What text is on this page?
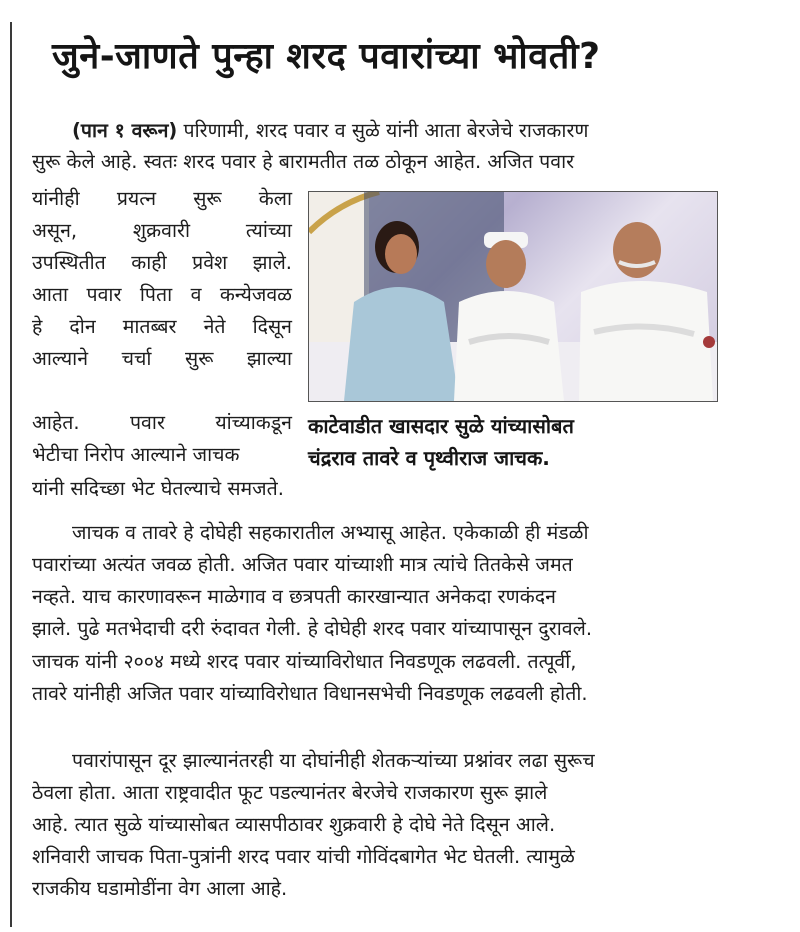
जुने-जाणते पुन्हा शरद पवारांच्या भोवती?
(पान १ वरून) परिणामी, शरद पवार व सुळे यांनी आता बेरजेचे राजकारण
सुरू केले आहे. स्वतः शरद पवार हे बारामतीत तळ ठोकून आहेत. अजित पवार
यांनीही प्रयत्न सुरू केला
असून, शुक्रवारी त्यांच्या
उपस्थितीत काही प्रवेश झाले.
आता पवार पिता व कन्येजवळ
हे दोन मातब्बर नेते दिसून
आल्याने चर्चा सुरू झाल्या
आहेत. पवार यांच्याकडून
भेटीचा निरोप आल्याने जाचक
काटेवाडीत खासदार सुळे यांच्यासोबत
चंद्रराव तावरे व पृथ्वीराज जाचक.
यांनी सदिच्छा भेट घेतल्याचे समजते.
जाचक व तावरे हे दोघेही सहकारातील अभ्यासू आहेत. एकेकाळी ही मंडळी
पवारांच्या अत्यंत जवळ होती. अजित पवार यांच्याशी मात्र त्यांचे तितकेसे जमत
नव्हते. याच कारणावरून माळेगाव व छत्रपती कारखान्यात अनेकदा रणकंदन
झाले. पुढे मतभेदाची दरी रुंदावत गेली. हे दोघेही शरद पवार यांच्यापासून दुरावले.
जाचक यांनी २००४ मध्ये शरद पवार यांच्याविरोधात निवडणूक लढवली. तत्पूर्वी,
तावरे यांनीही अजित पवार यांच्याविरोधात विधानसभेची निवडणूक लढवली होती.
पवारांपासून दूर झाल्यानंतरही या दोघांनीही शेतकऱ्यांच्या प्रश्नांवर लढा सुरूच
ठेवला होता. आता राष्ट्रवादीत फूट पडल्यानंतर बेरजेचे राजकारण सुरू झाले
आहे. त्यात सुळे यांच्यासोबत व्यासपीठावर शुक्रवारी हे दोघे नेते दिसून आले.
शनिवारी जाचक पिता-पुत्रांनी शरद पवार यांची गोविंदबागेत भेट घेतली. त्यामुळे
राजकीय घडामोडींना वेग आला आहे.
